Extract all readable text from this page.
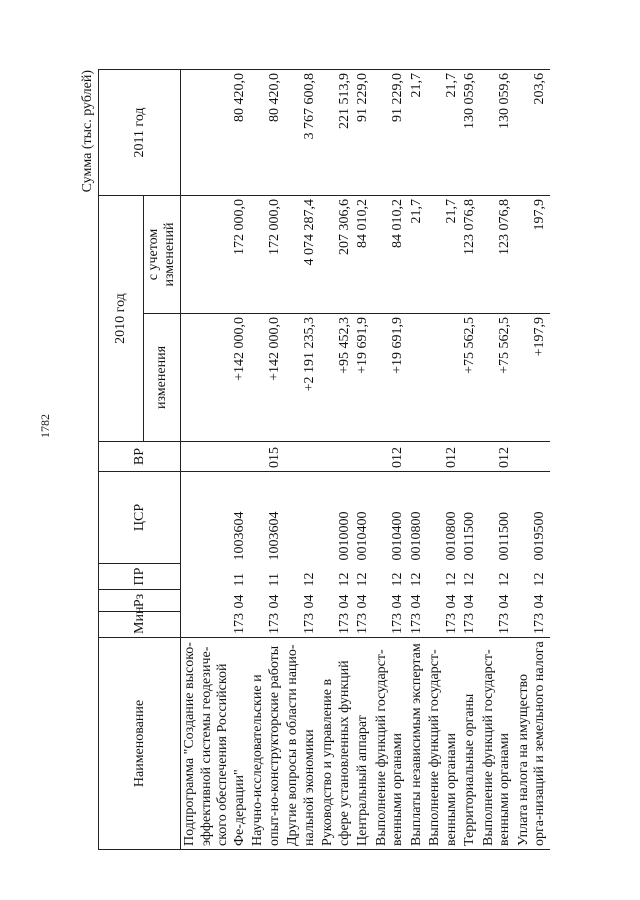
1782
Сумма (тыс. рублей)
Наименование	Мин	Рз	ПР	ЦСР	ВР	2010 год		2011 год
						изменения	с учетом изменений	
Подпрограмма "Создание высоко-эффективной системы геодезиче-ского обеспечения Российской Фе-дерации"	173	04	11	1003604		+142 000,0	172 000,0	80 420,0
Научно-исследовательские и опыт-но-конструкторские работы	173	04	11	1003604	015	+142 000,0	172 000,0	80 420,0
Другие вопросы в области нацио-нальной экономики	173	04	12			+2 191 235,3	4 074 287,4	3 767 600,8
Руководство и управление в сфере установленных функций	173	04	12	0010000		+95 452,3	207 306,6	221 513,9
Центральный аппарат	173	04	12	0010400		+19 691,9	84 010,2	91 229,0
Выполнение функций государст-венными органами	173	04	12	0010400	012	+19 691,9	84 010,2	91 229,0
Выплаты независимым экспертам	173	04	12	0010800			21,7	21,7
Выполнение функций государст-венными органами	173	04	12	0010800	012		21,7	21,7
Территориальные органы	173	04	12	0011500		+75 562,5	123 076,8	130 059,6
Выполнение функций государст-венными органами	173	04	12	0011500	012	+75 562,5	123 076,8	130 059,6
Уплата налога на имущество орга-низаций и земельного налога	173	04	12	0019500		+197,9	197,9	203,6
